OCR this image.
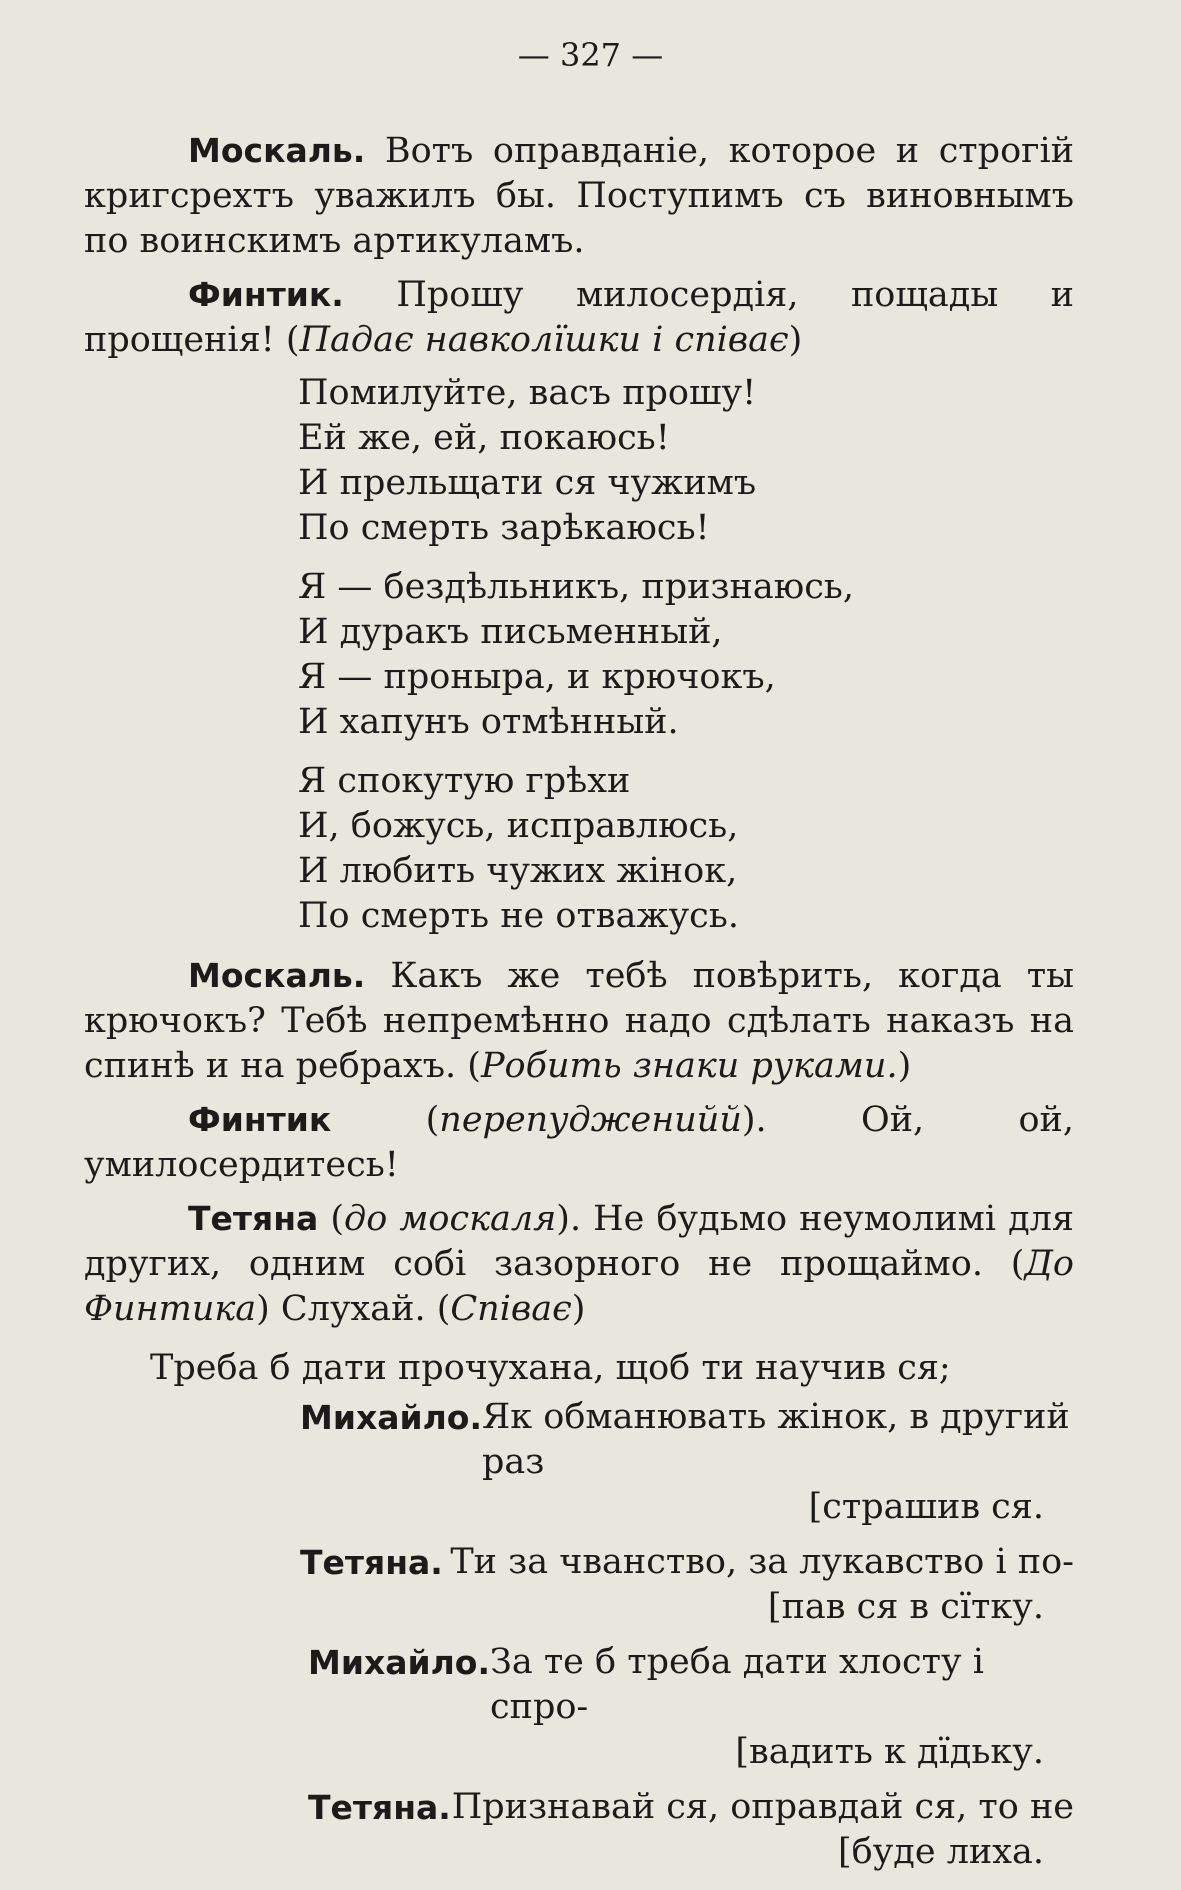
— 327 —

Москаль. Вотъ оправданіе, которое и строгій кригсрехтъ уважилъ бы. Поступимъ съ виновнымъ по воинскимъ артикуламъ.

Финтик. Прошу милосердія, пощады и прощенія! (Падає навколїшки і співає)

Помилуйте, васъ прошу!
Ей же, ей, покаюсь!
И прельщати ся чужимъ
По смерть зарѣкаюсь!
Я — бездѣльникъ, признаюсь,
И дуракъ письменный,
Я — проныра, и крючокъ,
И хапунъ отмѣнный.
Я спокутую грѣхи
И, божусь, исправлюсь,
И любить чужих жінок,
По смерть не отважусь.

Москаль. Какъ же тебѣ повѣрить, когда ты крючокъ? Тебѣ непремѣнно надо сдѣлать наказъ на спинѣ и на ребрахъ. (Робить знаки руками.)

Финтик (перепудженийй). Ой, ой, умилосердитесь!

Тетяна (до москаля). Не будьмо неумолимі для других, одним собі зазорного не прощаймо. (До Финтика) Слухай. (Співає)

Треба б дати прочухана, щоб ти научив ся;
Михайло. Як обманювать жінок, в другий раз
[страшив ся.
Тетяна. Ти за чванство, за лукавство і по-
[пав ся в сїтку.
Михайло. За те б треба дати хлосту і спро-
[вадить к дїдьку.
Тетяна. Признавай ся, оправдай ся, то не
[буде лиха.
